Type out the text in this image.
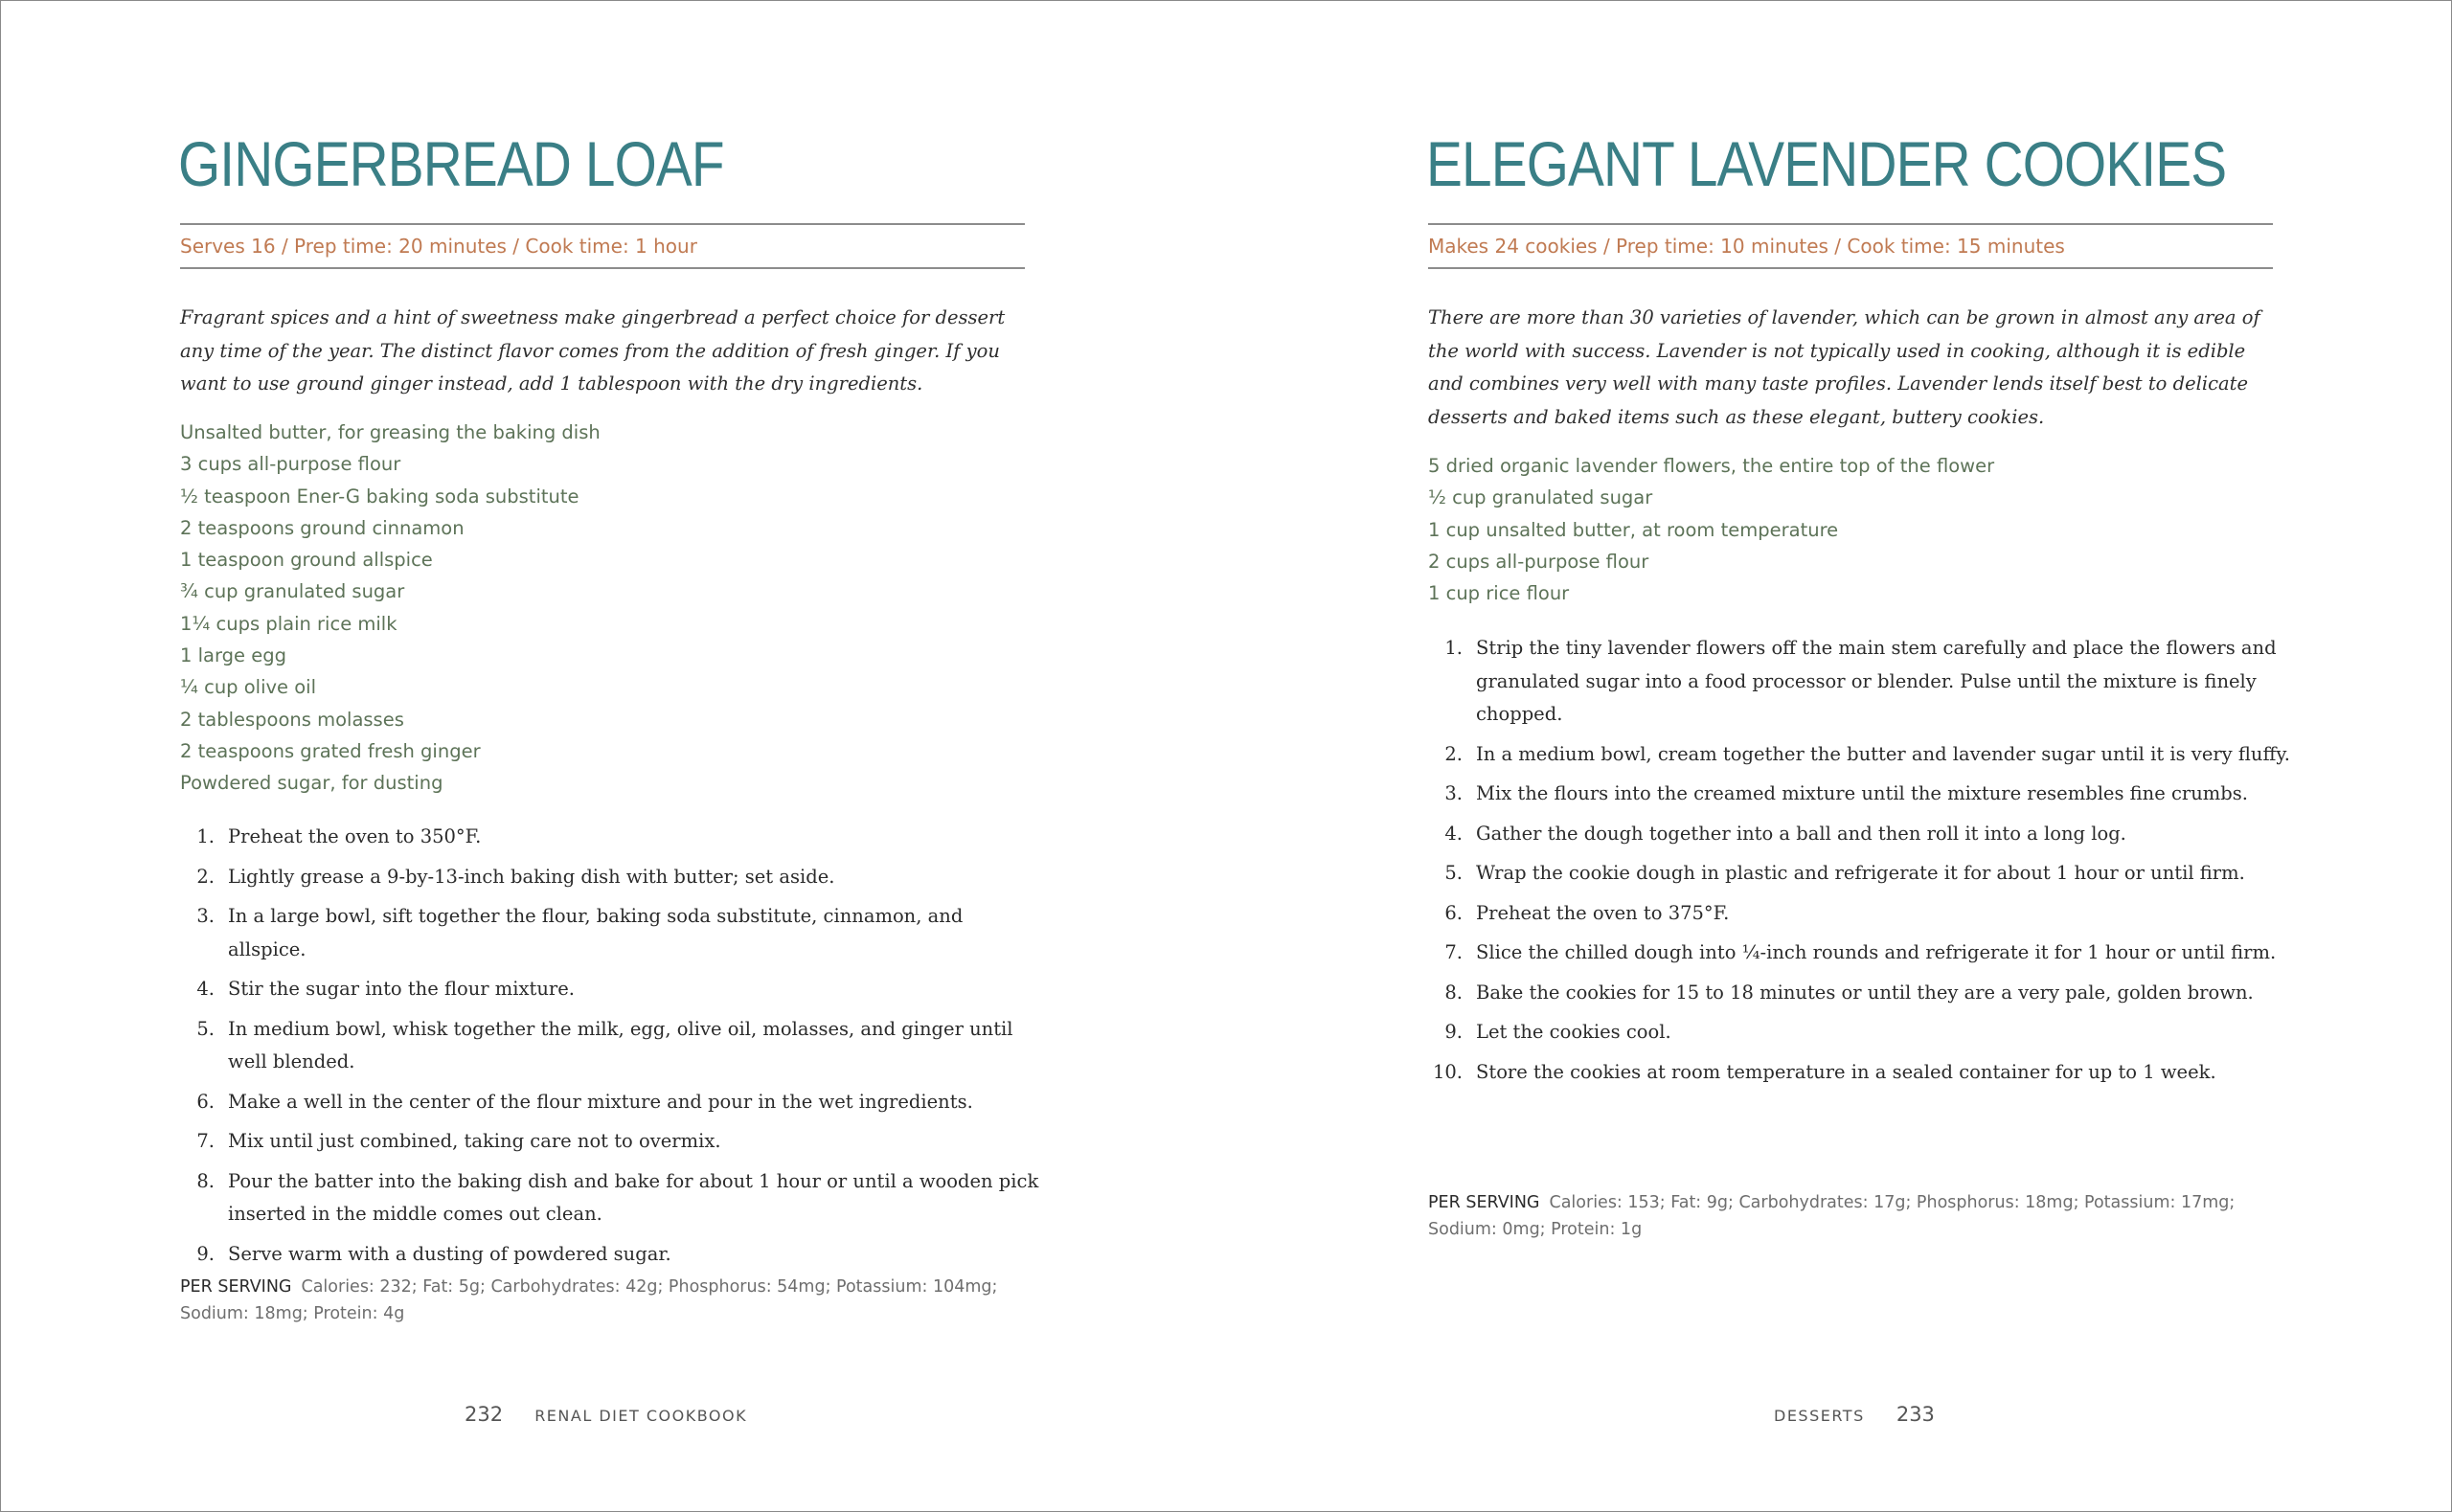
GINGERBREAD LOAF
Serves 16 / Prep time: 20 minutes / Cook time: 1 hour

Fragrant spices and a hint of sweetness make gingerbread a perfect choice for dessert any time of the year. The distinct flavor comes from the addition of fresh ginger. If you want to use ground ginger instead, add 1 tablespoon with the dry ingredients.

Unsalted butter, for greasing the baking dish
3 cups all-purpose flour
½ teaspoon Ener-G baking soda substitute
2 teaspoons ground cinnamon
1 teaspoon ground allspice
¾ cup granulated sugar
1¼ cups plain rice milk
1 large egg
¼ cup olive oil
2 tablespoons molasses
2 teaspoons grated fresh ginger
Powdered sugar, for dusting
1. Preheat the oven to 350°F.
2. Lightly grease a 9-by-13-inch baking dish with butter; set aside.
3. In a large bowl, sift together the flour, baking soda substitute, cinnamon, and allspice.
4. Stir the sugar into the flour mixture.
5. In medium bowl, whisk together the milk, egg, olive oil, molasses, and ginger until well blended.
6. Make a well in the center of the flour mixture and pour in the wet ingredients.
7. Mix until just combined, taking care not to overmix.
8. Pour the batter into the baking dish and bake for about 1 hour or until a wooden pick inserted in the middle comes out clean.
9. Serve warm with a dusting of powdered sugar.
PER SERVING Calories: 232; Fat: 5g; Carbohydrates: 42g; Phosphorus: 54mg; Potassium: 104mg; Sodium: 18mg; Protein: 4g
232 RENAL DIET COOKBOOK
ELEGANT LAVENDER COOKIES
Makes 24 cookies / Prep time: 10 minutes / Cook time: 15 minutes

There are more than 30 varieties of lavender, which can be grown in almost any area of the world with success. Lavender is not typically used in cooking, although it is edible and combines very well with many taste profiles. Lavender lends itself best to delicate desserts and baked items such as these elegant, buttery cookies.

5 dried organic lavender flowers, the entire top of the flower
½ cup granulated sugar
1 cup unsalted butter, at room temperature
2 cups all-purpose flour
1 cup rice flour
1. Strip the tiny lavender flowers off the main stem carefully and place the flowers and granulated sugar into a food processor or blender. Pulse until the mixture is finely chopped.
2. In a medium bowl, cream together the butter and lavender sugar until it is very fluffy.
3. Mix the flours into the creamed mixture until the mixture resembles fine crumbs.
4. Gather the dough together into a ball and then roll it into a long log.
5. Wrap the cookie dough in plastic and refrigerate it for about 1 hour or until firm.
6. Preheat the oven to 375°F.
7. Slice the chilled dough into ¼-inch rounds and refrigerate it for 1 hour or until firm.
8. Bake the cookies for 15 to 18 minutes or until they are a very pale, golden brown.
9. Let the cookies cool.
10. Store the cookies at room temperature in a sealed container for up to 1 week.
PER SERVING Calories: 153; Fat: 9g; Carbohydrates: 17g; Phosphorus: 18mg; Potassium: 17mg; Sodium: 0mg; Protein: 1g
DESSERTS 233
